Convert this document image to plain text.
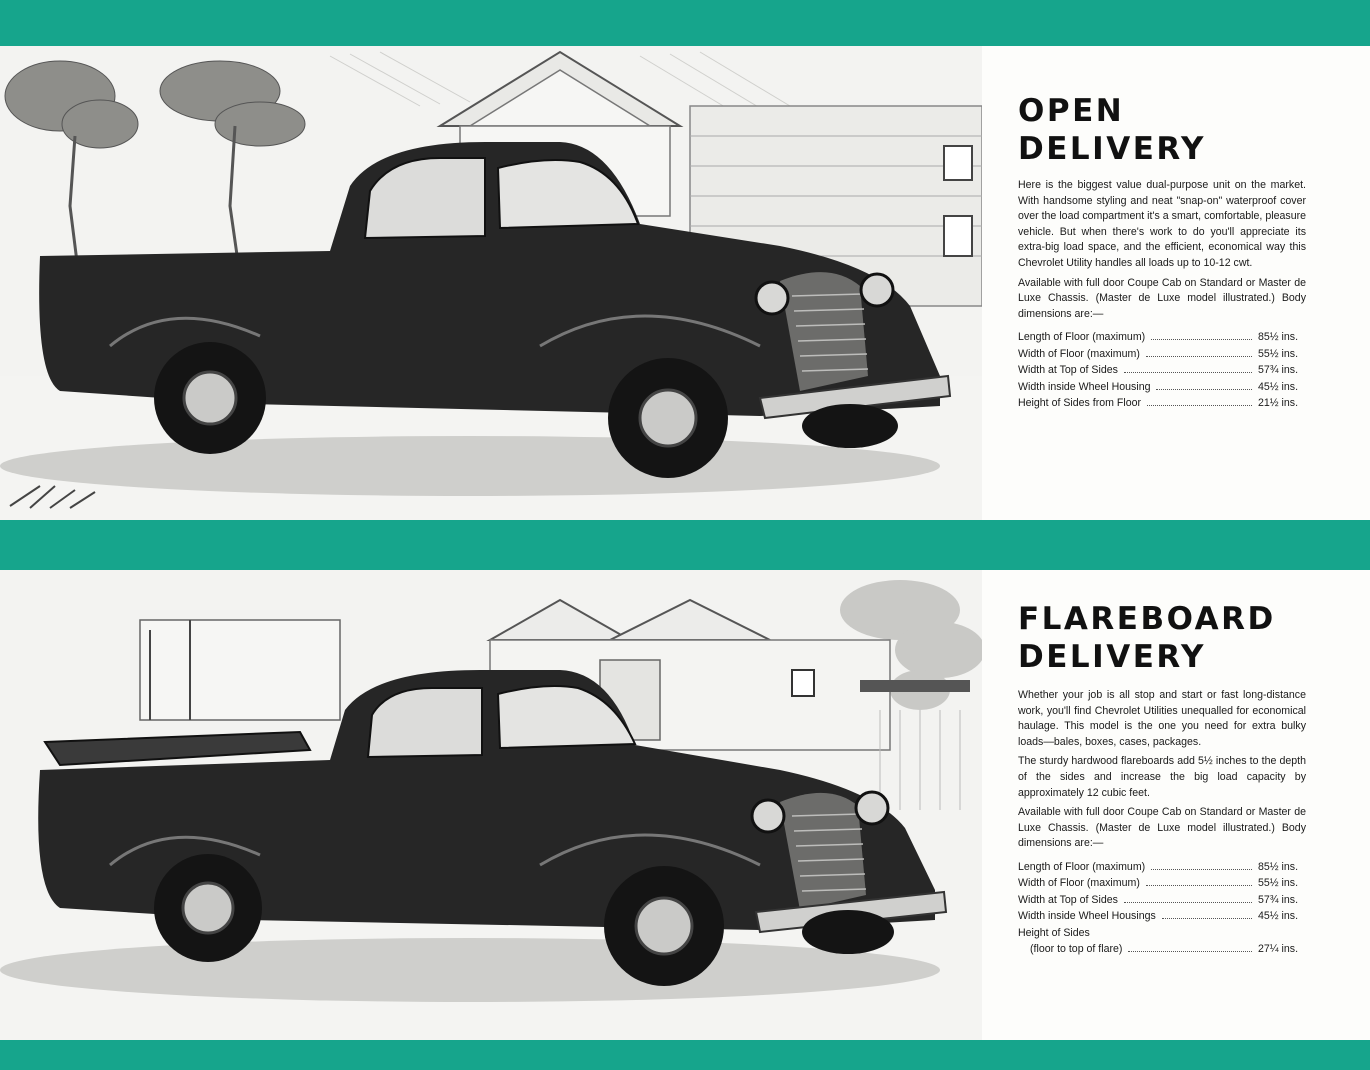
OPEN
DELIVERY

Here is the biggest value dual-purpose unit on the market. With handsome styling and neat "snap-on" waterproof cover over the load compartment it's a smart, comfortable, pleasure vehicle. But when there's work to do you'll appreciate its extra-big load space, and the efficient, economical way this Chevrolet Utility handles all loads up to 10-12 cwt.

Available with full door Coupe Cab on Standard or Master de Luxe Chassis. (Master de Luxe model illustrated.) Body dimensions are:—

Length of Floor (maximum)	85½ ins.
Width of Floor (maximum)	55½ ins.
Width at Top of Sides	57¾ ins.
Width inside Wheel Housing	45½ ins.
Height of Sides from Floor	21½ ins.
FLAREBOARD
DELIVERY

Whether your job is all stop and start or fast long-distance work, you'll find Chevrolet Utilities unequalled for economical haulage. This model is the one you need for extra bulky loads—bales, boxes, cases, packages.

The sturdy hardwood flareboards add 5½ inches to the depth of the sides and increase the big load capacity by approximately 12 cubic feet.

Available with full door Coupe Cab on Standard or Master de Luxe Chassis. (Master de Luxe model illustrated.) Body dimensions are:—

Length of Floor (maximum)	85½ ins.
Width of Floor (maximum)	55½ ins.
Width at Top of Sides	57¾ ins.
Width inside Wheel Housings	45½ ins.
Height of Sides
(floor to top of flare)	27¼ ins.
